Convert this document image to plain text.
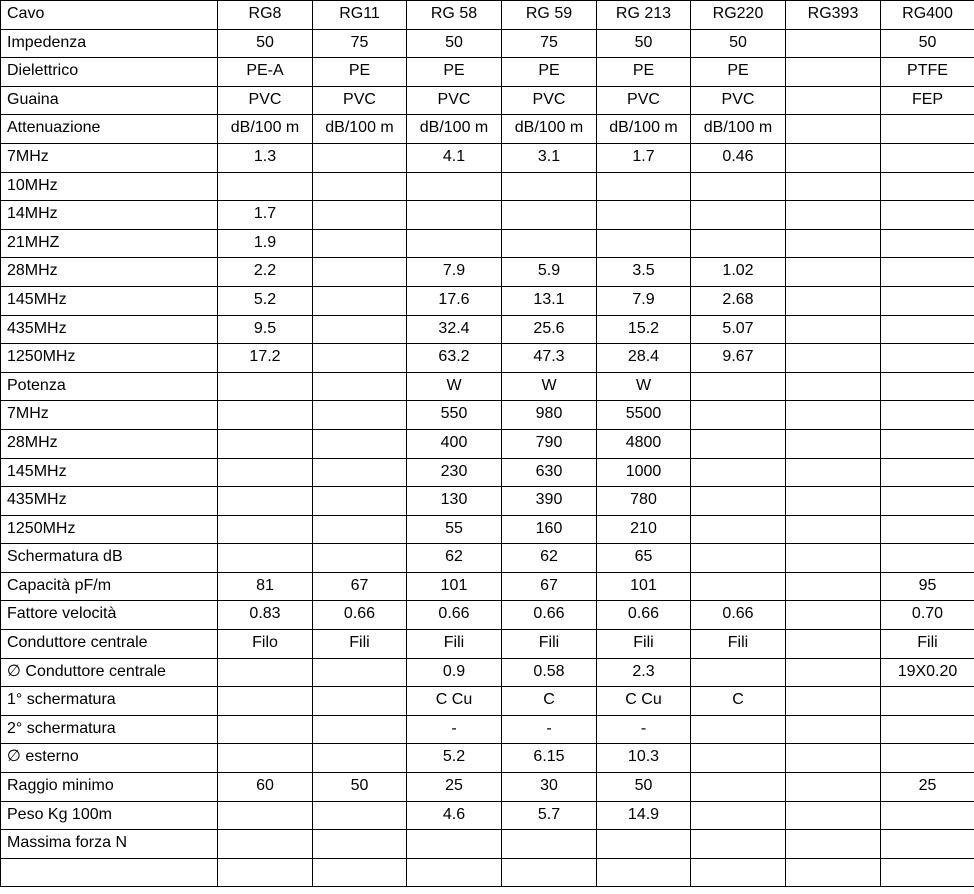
Cavo	RG8	RG11	RG 58	RG 59	RG 213	RG220	RG393	RG400
Impedenza	50	75	50	75	50	50		50
Dielettrico	PE-A	PE	PE	PE	PE	PE		PTFE
Guaina	PVC	PVC	PVC	PVC	PVC	PVC		FEP
Attenuazione	dB/100 m	dB/100 m	dB/100 m	dB/100 m	dB/100 m	dB/100 m		
7MHz	1.3		4.1	3.1	1.7	0.46		
10MHz								
14MHz	1.7							
21MHZ	1.9							
28MHz	2.2		7.9	5.9	3.5	1.02		
145MHz	5.2		17.6	13.1	7.9	2.68		
435MHz	9.5		32.4	25.6	15.2	5.07		
1250MHz	17.2		63.2	47.3	28.4	9.67		
Potenza			W	W	W			
7MHz			550	980	5500			
28MHz			400	790	4800			
145MHz			230	630	1000			
435MHz			130	390	780			
1250MHz			55	160	210			
Schermatura dB			62	62	65			
Capacità pF/m	81	67	101	67	101			95
Fattore velocità	0.83	0.66	0.66	0.66	0.66	0.66		0.70
Conduttore centrale	Filo	Fili	Fili	Fili	Fili	Fili		Fili
∅ Conduttore centrale			0.9	0.58	2.3			19X0.20
1° schermatura			C Cu	C	C Cu	C		
2° schermatura			-	-	-			
∅ esterno			5.2	6.15	10.3			
Raggio minimo	60	50	25	30	50			25
Peso Kg 100m			4.6	5.7	14.9			
Massima forza N								
